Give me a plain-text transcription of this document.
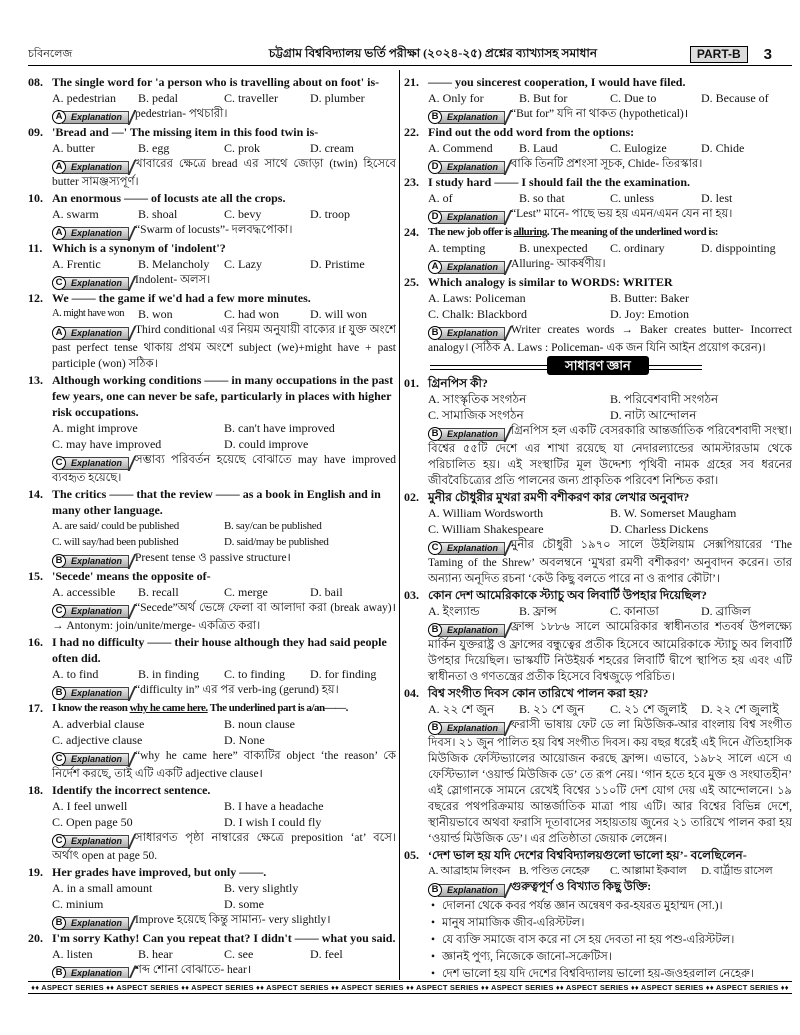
চবিনলেজ	চট্টগ্রাম বিশ্ববিদ্যালয় ভর্তি পরীক্ষা (২০২৪-২৫) প্রশ্নের ব্যাখ্যাসহ সমাধান	PART-B	3
08. The single word for 'a person who is travelling about on foot' is-
A. pedestrian	B. pedal	C. traveller	D. plumber
A Explanation	pedestrian- পথচারী।
09. 'Bread and —' The missing item in this food twin is-
A. butter	B. egg	C. prok	D. cream
A Explanation	খাবারের ক্ষেত্রে bread এর সাথে জোড়া (twin) হিসেবে butter সামঞ্জস্যপূর্ণ।
10. An enormous —— of locusts ate all the crops.
A. swarm	B. shoal	C. bevy	D. troop
A Explanation	“Swarm of locusts”- দলবদ্ধপোকা।
11. Which is a synonym of 'indolent'?
A. Frentic	B. Melancholy	C. Lazy	D. Pristime
C Explanation	Indolent- অলস।
12. We —— the game if we'd had a few more minutes.
A. might have won	B. won	C. had won	D. will won
A Explanation	Third conditional এর নিয়ম অনুযায়ী বাক্যের if যুক্ত অংশে past perfect tense থাকায় প্রথম অংশে subject (we)+might have + past participle (won) সঠিক।
13. Although working conditions —— in many occupations in the past few years, one can never be safe, particularly in places with higher risk occupations.
A. might improve	B. can't have improved
C. may have improved	D. could improve
C Explanation	সম্ভাব্য পরিবর্তন হয়েছে বোঝাতে may have improved ব্যবহৃত হয়েছে।
14. The critics —— that the review —— as a book in English and in many other language.
A. are said/ could be published	B. say/can be published
C. will say/had been published	D. said/may be published
B Explanation	Present tense ও passive structure।
15. 'Secede' means the opposite of-
A. accessible	B. recall	C. merge	D. bail
C Explanation	“Secede”অর্থ ভেঙ্গে ফেলা বা আলাদা করা (break away)। → Antonym: join/unite/merge- একত্রিত করা।
16. I had no difficulty —— their house although they had said people often did.
A. to find	B. in finding	C. to finding	D. for finding
B Explanation	“difficulty in” এর পর verb-ing (gerund) হয়।
17. I know the reason why he came here. The underlined part is a/an——.
A. adverbial clause	B. noun clause
C. adjective clause	D. None
C Explanation	“why he came here” বাক্যটির object ‘the reason’ কে নির্দেশ করছে, তাই এটি একটি adjective clause।
18. Identify the incorrect sentence.
A. I feel unwell	B. I have a headache
C. Open page 50	D. I wish I could fly
C Explanation	সাধারণত পৃষ্ঠা নাম্বারের ক্ষেত্রে preposition ‘at’ বসে। অর্থাৎ open at page 50.
19. Her grades have improved, but only ——.
A. in a small amount	B. very slightly
C. minium	D. some
B Explanation	Improve হয়েছে কিন্তু সামান্য- very slightly।
20. I'm sorry Kathy! Can you repeat that? I didn't —— what you said.
A. listen	B. hear	C. see	D. feel
B Explanation	শব্দ শোনা বোঝাতে- hear।
21. —— you sincerest cooperation, I would have filed.
A. Only for	B. But for	C. Due to	D. Because of
B Explanation	“But for” যদি না থাকত (hypothetical)।
22. Find out the odd word from the options:
A. Commend	B. Laud	C. Eulogize	D. Chide
D Explanation	বাকি তিনটি প্রশংসা সূচক, Chide- তিরস্কার।
23. I study hard —— I should fail the the examination.
A. of	B. so that	C. unless	D. lest
D Explanation	“Lest” মানে- পাছে ভয় হয় এমন/এমন যেন না হয়।
24. The new job offer is alluring. The meaning of the underlined word is:
A. tempting	B. unexpected	C. ordinary	D. disppointing
A Explanation	Alluring- আকর্ষণীয়।
25. Which analogy is similar to WORDS: WRITER
A. Laws: Policeman	B. Butter: Baker
C. Chalk: Blackbord	D. Joy: Emotion
B Explanation	Writer creates words → Baker creates butter- Incorrect analogy। (সঠিক A. Laws : Policeman- এক জন যিনি আইন প্রয়োগ করেন)।
সাধারণ জ্ঞান
01. গ্রিনপিস কী?
A. সাংস্কৃতিক সংগঠন	B. পরিবেশবাদী সংগঠন
C. সামাজিক সংগঠন	D. নাট্য আন্দোলন
B Explanation	গ্রিনপিস হল একটি বেসরকারি আন্তর্জাতিক পরিবেশবাদী সংস্থা। বিশ্বের ৫৫টি দেশে এর শাখা রয়েছে যা নেদারল্যান্ডের আমস্টারডাম থেকে পরিচালিত হয়। এই সংস্থাটির মূল উদ্দেশ্য পৃথিবী নামক গ্রহের সব ধরনের জীববৈচিত্র্যের প্রতি পালনের জন্য প্রাকৃতিক পরিবেশ নিশ্চিত করা।
02. মুনীর চৌধুরীর মুখরা রমণী বশীকরণ কার লেখার অনুবাদ?
A. William Wordsworth	B. W. Somerset Maugham
C. William Shakespeare	D. Charless Dickens
C Explanation	মুনীর চৌধুরী ১৯৭০ সালে উইলিয়াম সেক্সপিয়ারের ‘The Taming of the Shrew’ অবলম্বনে ‘মুখরা রমণী বশীকরণ’ অনুবাদন করেন। তার অন্যান্য অনূদিত রচনা ‘কেউ কিছু বলতে পারে না ও রূপার কৌটা’।
03. কোন দেশ আমেরিকাকে স্ট্যাচু অব লিবার্টি উপহার দিয়েছিল?
A. ইংল্যান্ড	B. ফ্রান্স	C. কানাডা	D. ব্রাজিল
B Explanation	ফ্রান্স ১৮৮৬ সালে আমেরিকার স্বাধীনতার শতবর্ষ উপলক্ষ্যে মার্কিন যুক্তরাষ্ট্র ও ফ্রান্সের বন্ধুত্বের প্রতীক হিসেবে আমেরিকাকে স্ট্যাচু অব লিবার্টি উপহার দিয়েছিল। ভাস্কর্যটি নিউইয়র্ক শহরের লিবার্টি দ্বীপে স্থাপিত হয় এবং এটি স্বাধীনতা ও গণতন্ত্রের প্রতীক হিসেবে বিশ্বজুড়ে পরিচিত।
04. বিশ্ব সংগীত দিবস কোন তারিখে পালন করা হয়?
A. ২২ শে জুন	B. ২১ শে জুন	C. ২১ শে জুলাই	D. ২২ শে জুলাই
B Explanation	ফরাসী ভাষায় ফেট ডে লা মিউজিক-আর বাংলায় বিশ্ব সংগীত দিবস। ২১ জুন পালিত হয় বিশ্ব সংগীত দিবস। কয় বছর ধরেই এই দিনে ঐতিহাসিক মিউজিক ফেস্টিভ্যালের আয়োজন করছে ফ্রান্স। এভাবে, ১৯৮২ সালে এসে এ ফেস্টিভ্যাল ‘ওয়ার্ল্ড মিউজিক ডে’ তে রূপ নেয়। ‘গান হতে হবে মুক্ত ও সংঘাতহীন’ এই স্লোগানকে সামনে রেখেই বিশ্বের ১১০টি দেশ যোগ দেয় এই আন্দোলনে। ১৯ বছরের পথপরিক্রমায় আন্তর্জাতিক মাত্রা পায় এটি। আর বিশ্বের বিভিন্ন দেশে, স্থানীয়ভাবে অথবা ফরাসি দূতাবাসের সহায়তায় জুনের ২১ তারিখে পালন করা হয় ‘ওয়ার্ল্ড মিউজিক ডে’। এর প্রতিষ্ঠাতা জেয়াক লেঙ্গেন।
05. ‘দেশ ভাল হয় যদি দেশের বিশ্ববিদ্যালয়গুলো ভালো হয়’- বলেছিলেন-
A. আব্রাহাম লিংকন B. পণ্ডিত নেহেরু	C. আল্লামা ইকবাল	D. বার্ট্রান্ড রাসেল
B Explanation	গুরুত্বপূর্ণ ও বিখ্যাত কিছু উক্তি:
• দোলনা থেকে কবর পর্যন্ত জ্ঞান অন্বেষণ কর-হযরত মুহাম্মদ (সা.)।
• মানুষ সামাজিক জীব-এরিস্টটল।
• যে ব্যক্তি সমাজে বাস করে না সে হয় দেবতা না হয় পশু-এরিস্টটল।
• জ্ঞানই পুণ্য, নিজেকে জানো-সক্রেটিস।
• দেশ ভালো হয় যদি দেশের বিশ্ববিদ্যালয় ভালো হয়-জওহরলাল নেহেরু।
♦♦ ASPECT SERIES ♦♦ ASPECT SERIES ♦♦ ASPECT SERIES ♦♦ ASPECT SERIES ♦♦ ASPECT SERIES ♦♦ ASPECT SERIES ♦♦ ASPECT SERIES ♦♦ ASPECT SERIES ♦♦ ASPECT SERIES ♦♦ ASPECT SERIES ♦♦
